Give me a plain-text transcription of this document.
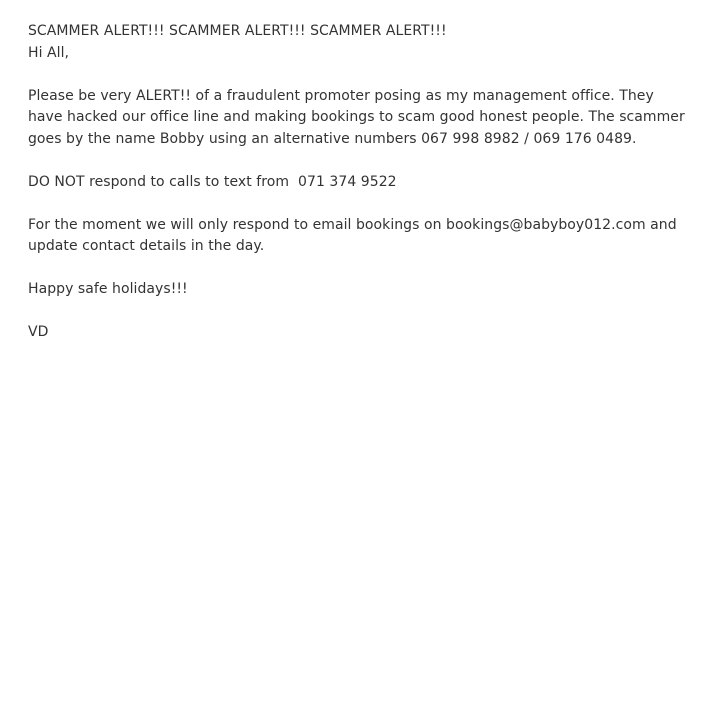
SCAMMER ALERT!!! SCAMMER ALERT!!! SCAMMER ALERT!!!

Hi All,

Please be very ALERT!! of a fraudulent promoter posing as my management office. They have hacked our office line and making bookings to scam good honest people. The scammer goes by the name Bobby using an alternative numbers 067 998 8982 / 069 176 0489.

DO NOT respond to calls to text from  071 374 9522

For the moment we will only respond to email bookings on bookings@babyboy012.com and update contact details in the day.

Happy safe holidays!!!

VD
